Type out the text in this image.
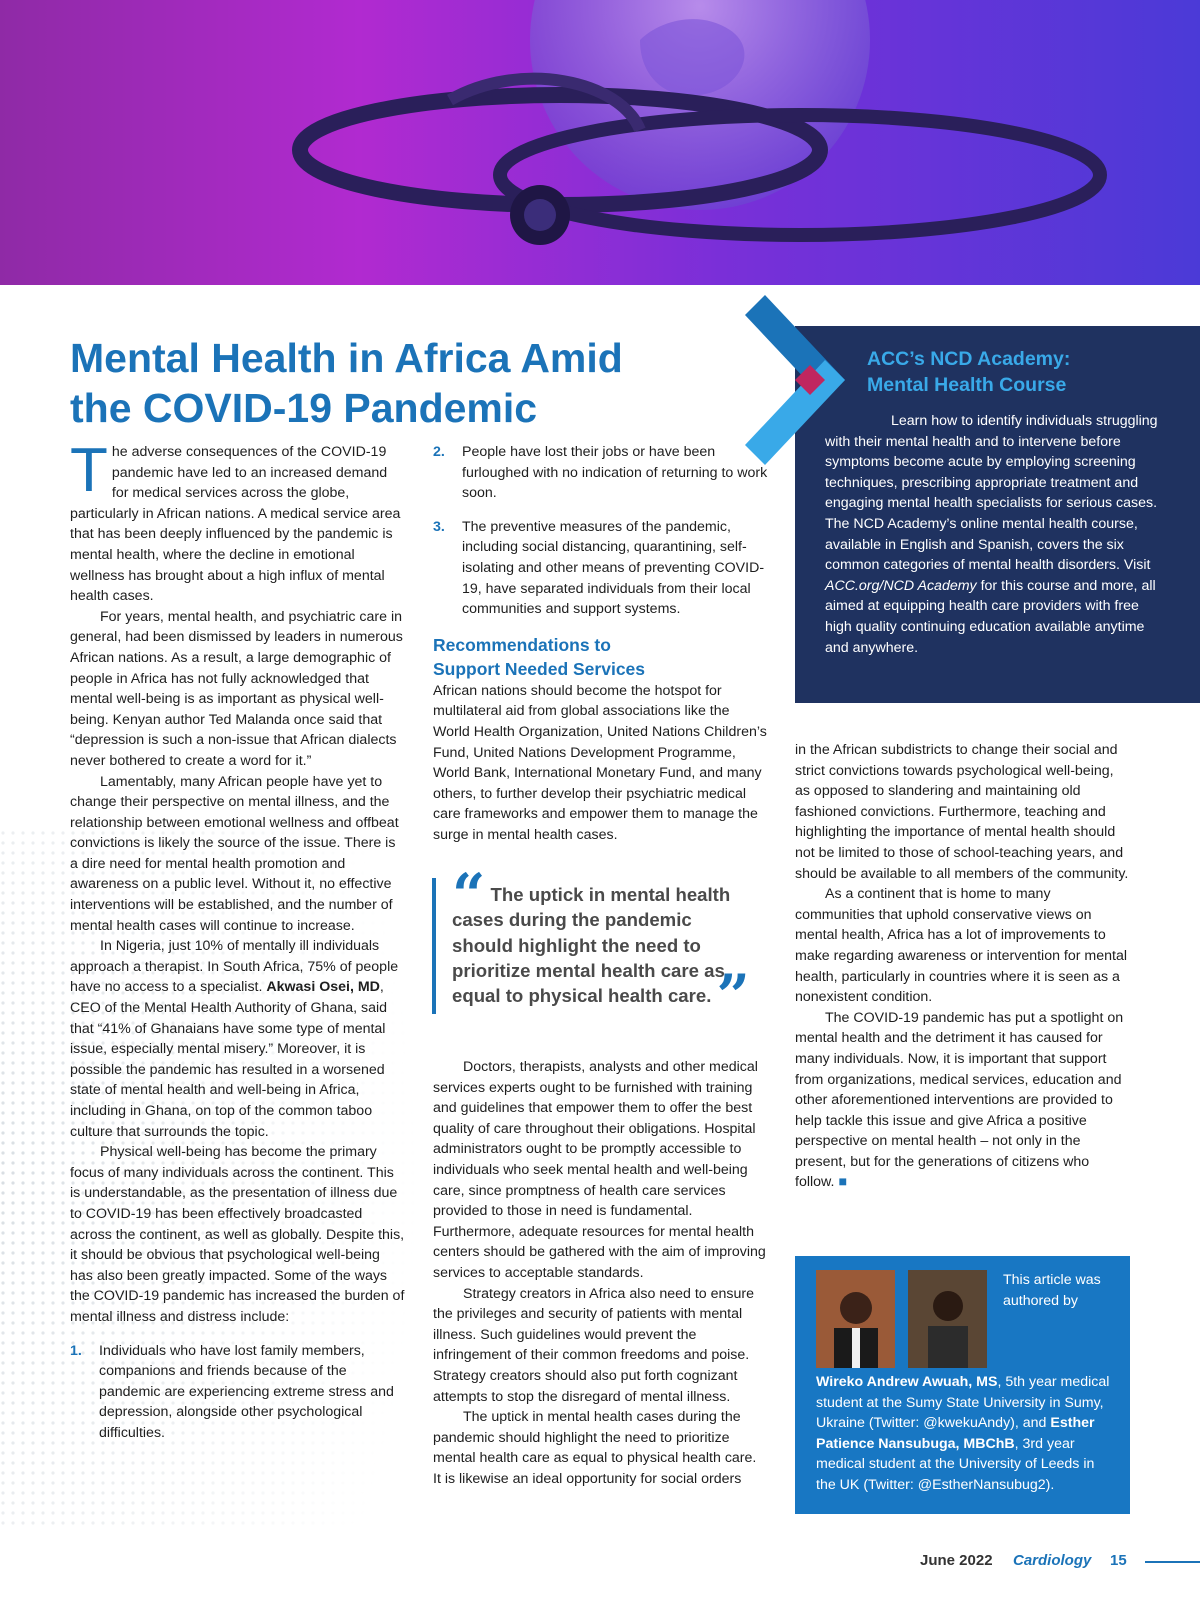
Mental Health in Africa Amid the COVID-19 Pandemic

The adverse consequences of the COVID-19 pandemic have led to an increased demand for medical services across the globe, particularly in African nations. A medical service area that has been deeply influenced by the pandemic is mental health, where the decline in emotional wellness has brought about a high influx of mental health cases.

For years, mental health, and psychiatric care in general, had been dismissed by leaders in numerous African nations. As a result, a large demographic of people in Africa has not fully acknowledged that mental well-being is as important as physical well-being. Kenyan author Ted Malanda once said that “depression is such a non-issue that African dialects never bothered to create a word for it.”

Lamentably, many African people have yet to change their perspective on mental illness, and the relationship between emotional wellness and offbeat convictions is likely the source of the issue. There is a dire need for mental health promotion and awareness on a public level. Without it, no effective interventions will be established, and the number of mental health cases will continue to increase.

In Nigeria, just 10% of mentally ill individuals approach a therapist. In South Africa, 75% of people have no access to a specialist. Akwasi Osei, MD, CEO of the Mental Health Authority of Ghana, said that “41% of Ghanaians have some type of mental issue, especially mental misery.” Moreover, it is possible the pandemic has resulted in a worsened state of mental health and well-being in Africa, including in Ghana, on top of the common taboo culture that surrounds the topic.

Physical well-being has become the primary focus of many individuals across the continent. This is understandable, as the presentation of illness due to COVID-19 has been effectively broadcasted across the continent, as well as globally. Despite this, it should be obvious that psychological well-being has also been greatly impacted. Some of the ways the COVID-19 pandemic has increased the burden of mental illness and distress include:

1. Individuals who have lost family members, companions and friends because of the pandemic are experiencing extreme stress and depression, alongside other psychological difficulties.
2. People have lost their jobs or have been furloughed with no indication of returning to work soon.
3. The preventive measures of the pandemic, including social distancing, quarantining, self-isolating and other means of preventing COVID-19, have separated individuals from their local communities and support systems.
Recommendations to
Support Needed Services

African nations should become the hotspot for multilateral aid from global associations like the World Health Organization, United Nations Children’s Fund, United Nations Development Programme, World Bank, International Monetary Fund, and many others, to further develop their psychiatric medical care frameworks and empower them to manage the surge in mental health cases.

“ The uptick in mental health cases during the pandemic should highlight the need to prioritize mental health care as equal to physical health care. ”

Doctors, therapists, analysts and other medical services experts ought to be furnished with training and guidelines that empower them to offer the best quality of care throughout their obligations. Hospital administrators ought to be promptly accessible to individuals who seek mental health and well-being care, since promptness of health care services provided to those in need is fundamental. Furthermore, adequate resources for mental health centers should be gathered with the aim of improving services to acceptable standards.

Strategy creators in Africa also need to ensure the privileges and security of patients with mental illness. Such guidelines would prevent the infringement of their common freedoms and poise. Strategy creators should also put forth cognizant attempts to stop the disregard of mental illness.

The uptick in mental health cases during the pandemic should highlight the need to prioritize mental health care as equal to physical health care. It is likewise an ideal opportunity for social orders

ACC’s NCD Academy:
Mental Health Course

Learn how to identify individuals struggling with their mental health and to intervene before symptoms become acute by employing screening techniques, prescribing appropriate treatment and engaging mental health specialists for serious cases. The NCD Academy’s online mental health course, available in English and Spanish, covers the six common categories of mental health disorders. Visit ACC.org/NCD Academy for this course and more, all aimed at equipping health care providers with free high quality continuing education available anytime and anywhere.

in the African subdistricts to change their social and strict convictions towards psychological well-being, as opposed to slandering and maintaining old fashioned convictions. Furthermore, teaching and highlighting the importance of mental health should not be limited to those of school-teaching years, and should be available to all members of the community.

As a continent that is home to many communities that uphold conservative views on mental health, Africa has a lot of improvements to make regarding awareness or intervention for mental health, particularly in countries where it is seen as a nonexistent condition.

The COVID-19 pandemic has put a spotlight on mental health and the detriment it has caused for many individuals. Now, it is important that support from organizations, medical services, education and other aforementioned interventions are provided to help tackle this issue and give Africa a positive perspective on mental health – not only in the present, but for the generations of citizens who follow. ■

This article was authored by
Wireko Andrew Awuah, MS, 5th year medical student at the Sumy State University in Sumy, Ukraine (Twitter: @kwekuAndy), and Esther Patience Nansubuga, MBChB, 3rd year medical student at the University of Leeds in the UK (Twitter: @EstherNansubug2).
June 2022 Cardiology 15
